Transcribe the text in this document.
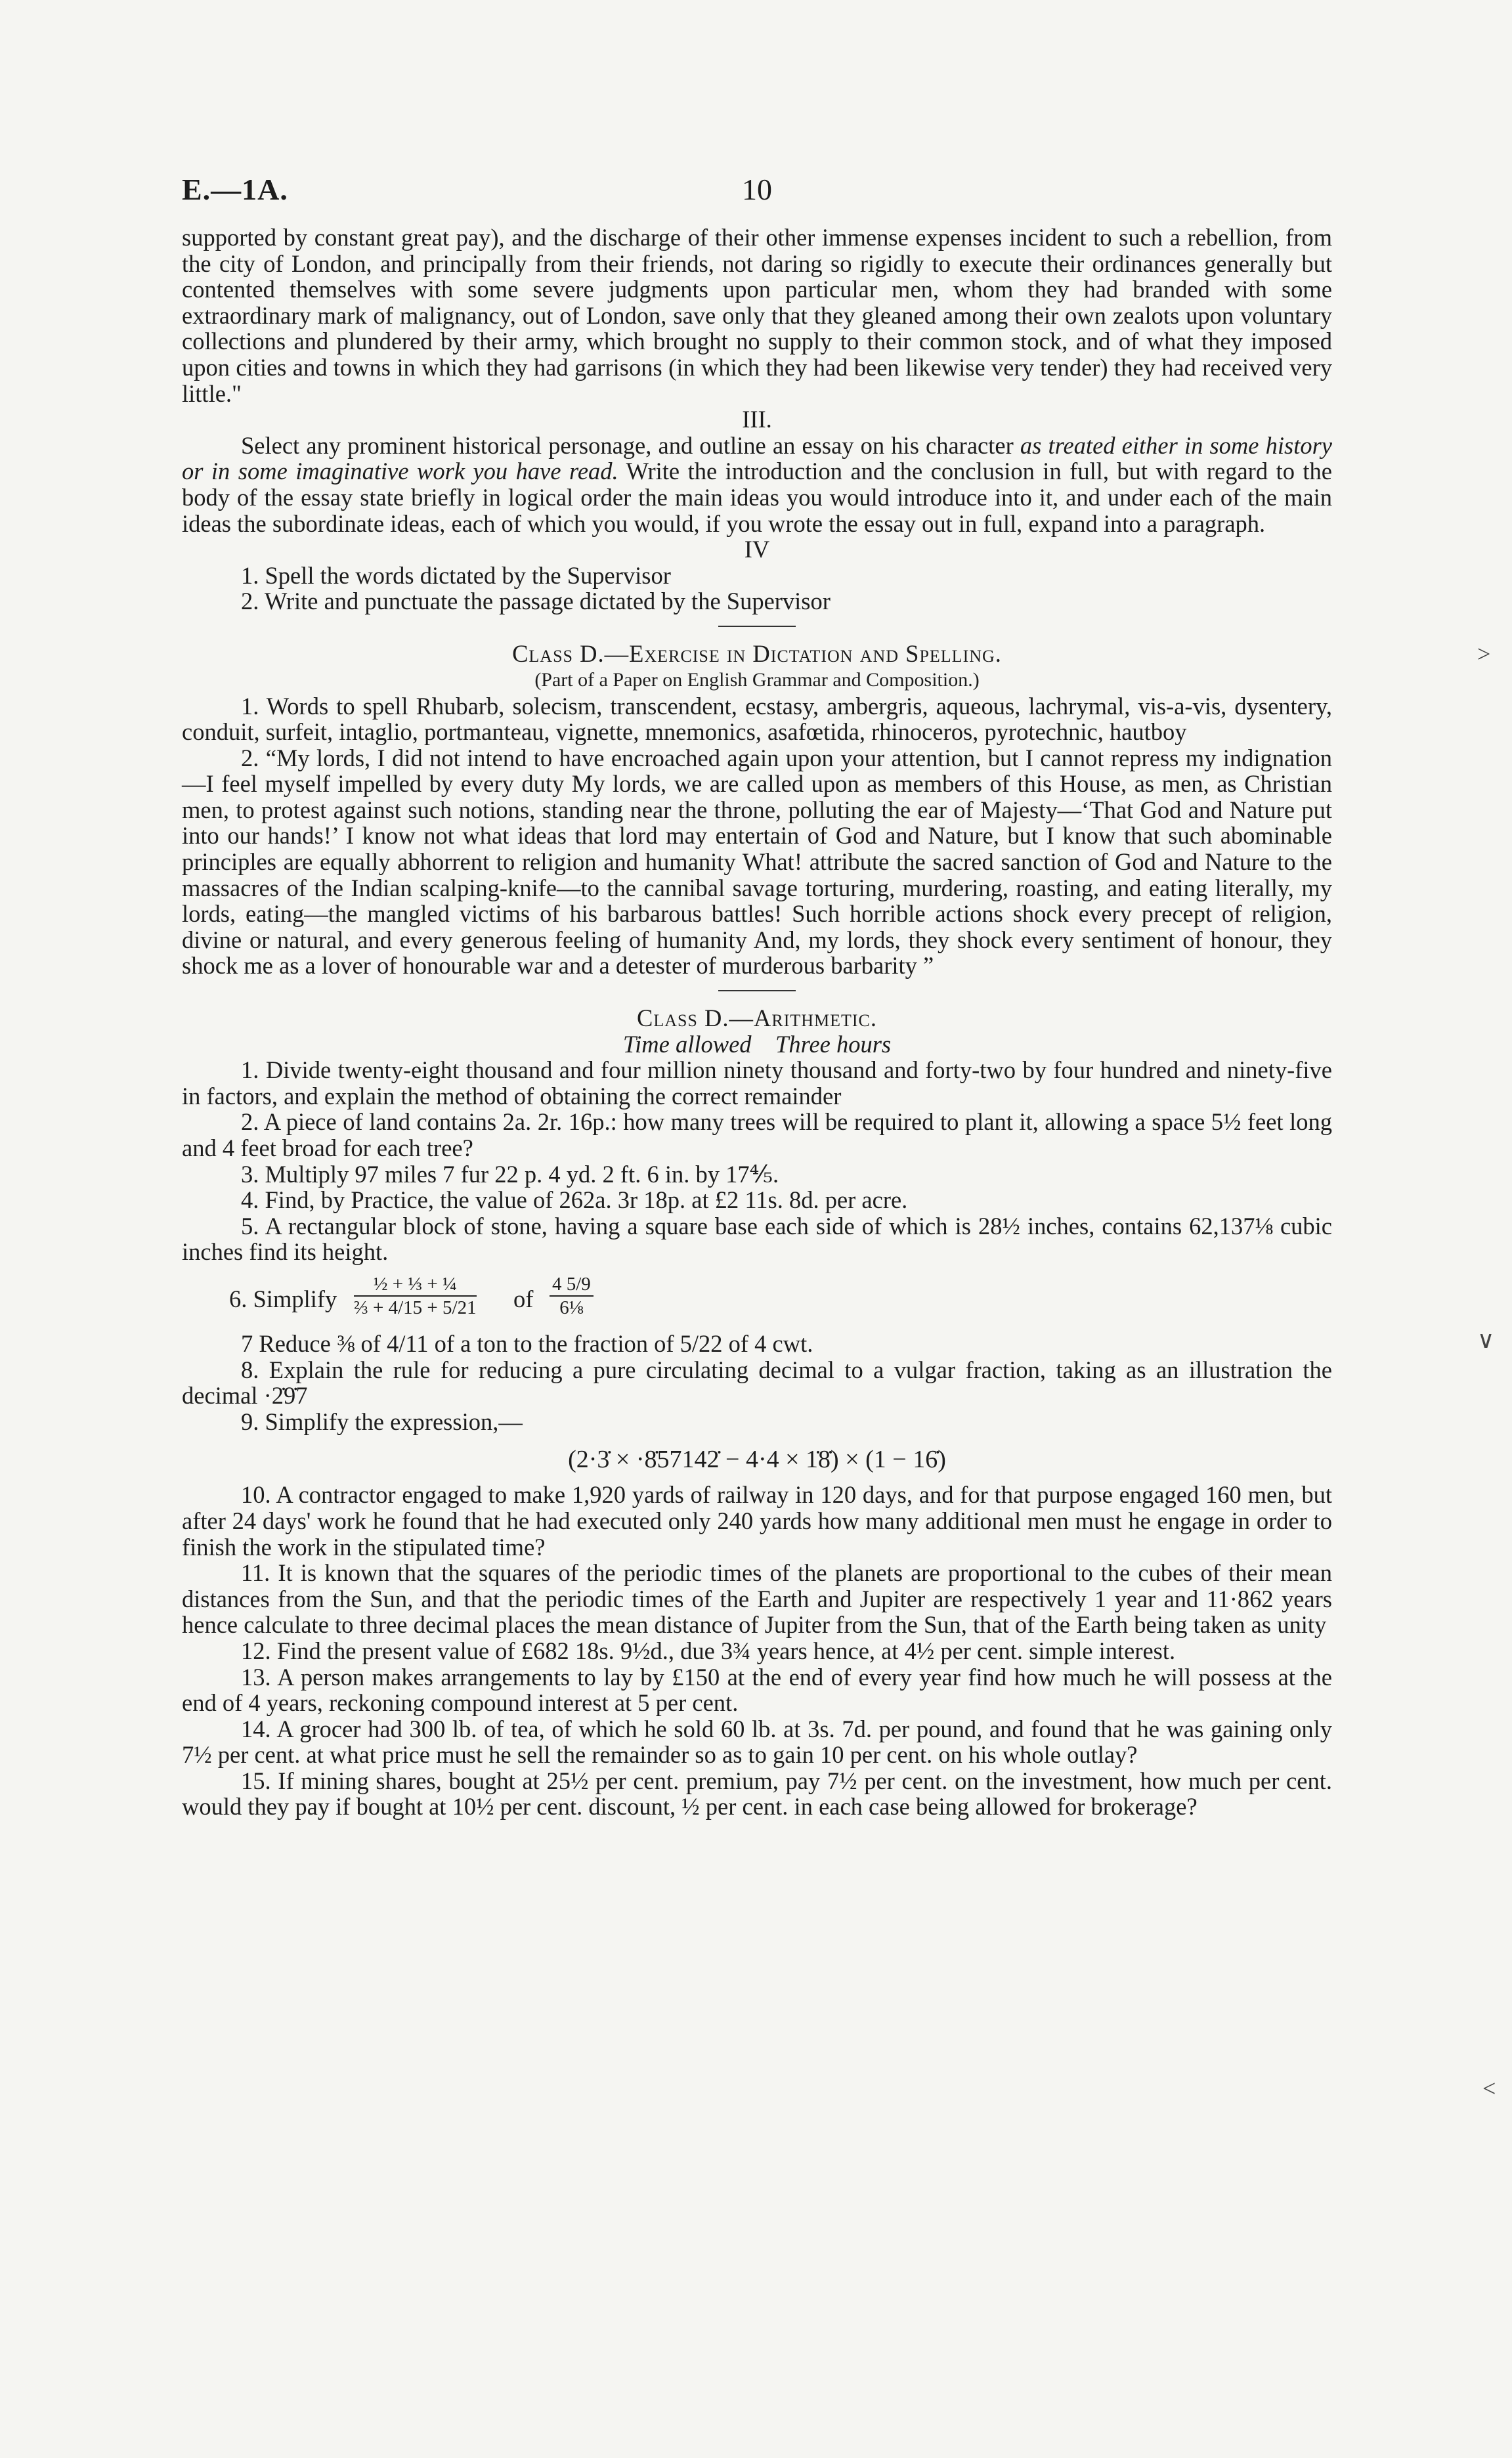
>
∨
<
E.—1A.	10

supported by constant great pay), and the discharge of their other immense expenses incident to such a rebellion, from the city of London, and principally from their friends, not daring so rigidly to execute their ordinances generally but contented themselves with some severe judgments upon particular men, whom they had branded with some extraordinary mark of malignancy, out of London, save only that they gleaned among their own zealots upon voluntary collections and plundered by their army, which brought no supply to their common stock, and of what they imposed upon cities and towns in which they had garrisons (in which they had been likewise very tender) they had received very little."

III.

Select any prominent historical personage, and outline an essay on his character as treated either in some history or in some imaginative work you have read. Write the introduction and the conclusion in full, but with regard to the body of the essay state briefly in logical order the main ideas you would introduce into it, and under each of the main ideas the subordinate ideas, each of which you would, if you wrote the essay out in full, expand into a paragraph.

IV

1. Spell the words dictated by the Supervisor

2. Write and punctuate the passage dictated by the Supervisor

Class D.—Exercise in Dictation and Spelling.

(Part of a Paper on English Grammar and Composition.)

1. Words to spell Rhubarb, solecism, transcendent, ecstasy, ambergris, aqueous, lachrymal, vis-a-vis, dysentery, conduit, surfeit, intaglio, portmanteau, vignette, mnemonics, asafœtida, rhinoceros, pyrotechnic, hautboy

2. “My lords, I did not intend to have encroached again upon your attention, but I cannot repress my indignation—I feel myself impelled by every duty My lords, we are called upon as members of this House, as men, as Christian men, to protest against such notions, standing near the throne, polluting the ear of Majesty—‘That God and Nature put into our hands!’ I know not what ideas that lord may entertain of God and Nature, but I know that such abominable principles are equally abhorrent to religion and humanity What! attribute the sacred sanction of God and Nature to the massacres of the Indian scalping-knife—to the cannibal savage torturing, murdering, roasting, and eating literally, my lords, eating—the mangled victims of his barbarous battles! Such horrible actions shock every precept of religion, divine or natural, and every generous feeling of humanity And, my lords, they shock every sentiment of honour, they shock me as a lover of honourable war and a detester of murderous barbarity ”

Class D.—Arithmetic.

Time allowed Three hours

1. Divide twenty-eight thousand and four million ninety thousand and forty-two by four hundred and ninety-five in factors, and explain the method of obtaining the correct remainder

2. A piece of land contains 2a. 2r. 16p.: how many trees will be required to plant it, allowing a space 5½ feet long and 4 feet broad for each tree?

3. Multiply 97 miles 7 fur 22 p. 4 yd. 2 ft. 6 in. by 17⅘.

4. Find, by Practice, the value of 262a. 3r 18p. at £2 11s. 8d. per acre.

5. A rectangular block of stone, having a square base each side of which is 28½ inches, contains 62,137⅛ cubic inches find its height.

6. Simplify
½ + ⅓ + ¼
⅔ + 4/15 + 5/21 of $\frac{4 5/9}{\text{6⅛}}$

7 Reduce ⅜ of 4/11 of a ton to the fraction of 5/22 of 4 cwt.

8. Explain the rule for reducing a pure circulating decimal to a vulgar fraction, taking as an illustration the decimal ·2̇9̇7

9. Simplify the expression,—

(2·3̇ × ·8̇57142̇ − 4·4 × 1̇8̇) × (1 − 16̇)

10. A contractor engaged to make 1,920 yards of railway in 120 days, and for that purpose engaged 160 men, but after 24 days' work he found that he had executed only 240 yards how many additional men must he engage in order to finish the work in the stipulated time?

11. It is known that the squares of the periodic times of the planets are proportional to the cubes of their mean distances from the Sun, and that the periodic times of the Earth and Jupiter are respectively 1 year and 11·862 years hence calculate to three decimal places the mean distance of Jupiter from the Sun, that of the Earth being taken as unity

12. Find the present value of £682 18s. 9½d., due 3¾ years hence, at 4½ per cent. simple interest.

13. A person makes arrangements to lay by £150 at the end of every year find how much he will possess at the end of 4 years, reckoning compound interest at 5 per cent.

14. A grocer had 300 lb. of tea, of which he sold 60 lb. at 3s. 7d. per pound, and found that he was gaining only 7½ per cent. at what price must he sell the remainder so as to gain 10 per cent. on his whole outlay?

15. If mining shares, bought at 25½ per cent. premium, pay 7½ per cent. on the investment, how much per cent. would they pay if bought at 10½ per cent. discount, ½ per cent. in each case being allowed for brokerage?
